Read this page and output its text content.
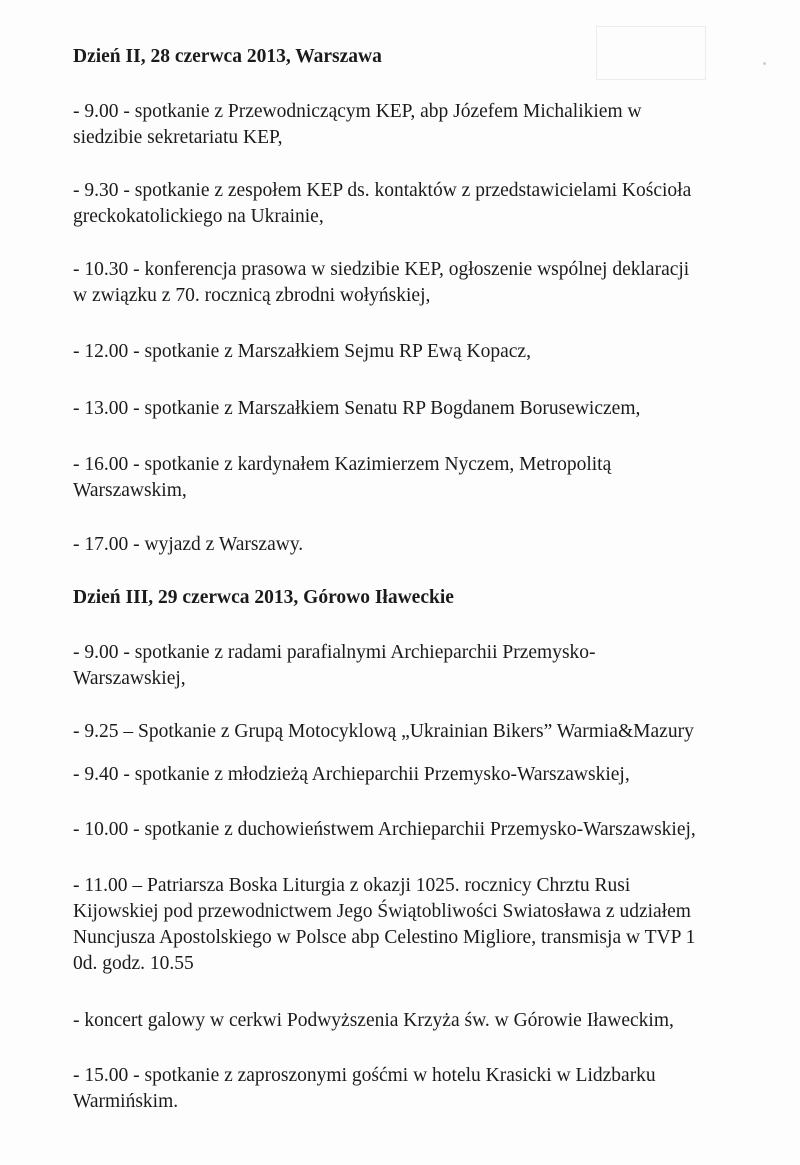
Dzień II, 28 czerwca 2013, Warszawa
- 9.00 - spotkanie z Przewodniczącym KEP, abp Józefem Michalikiem w
siedzibie sekretariatu KEP,
- 9.30 - spotkanie z zespołem KEP ds. kontaktów z przedstawicielami Kościoła
greckokatolickiego na Ukrainie,
- 10.30 - konferencja prasowa w siedzibie KEP, ogłoszenie wspólnej deklaracji
w związku z 70. rocznicą zbrodni wołyńskiej,
- 12.00 - spotkanie z Marszałkiem Sejmu RP Ewą Kopacz,
- 13.00 - spotkanie z Marszałkiem Senatu RP Bogdanem Borusewiczem,
- 16.00 - spotkanie z kardynałem Kazimierzem Nyczem, Metropolitą
Warszawskim,
- 17.00 - wyjazd z Warszawy.
Dzień III, 29 czerwca 2013, Górowo Iławeckie
- 9.00 - spotkanie z radami parafialnymi Archieparchii Przemysko-
Warszawskiej,
- 9.25 – Spotkanie z Grupą Motocyklową „Ukrainian Bikers” Warmia&Mazury
- 9.40 - spotkanie z młodzieżą Archieparchii Przemysko-Warszawskiej,
- 10.00 - spotkanie z duchowieństwem Archieparchii Przemysko-Warszawskiej,
- 11.00 – Patriarsza Boska Liturgia z okazji 1025. rocznicy Chrztu Rusi
Kijowskiej pod przewodnictwem Jego Świątobliwości Swiatosława z udziałem
Nuncjusza Apostolskiego w Polsce abp Celestino Migliore, transmisja w TVP 1
0d. godz. 10.55
- koncert galowy w cerkwi Podwyższenia Krzyża św. w Górowie Iławeckim,
- 15.00 - spotkanie z zaproszonymi gośćmi w hotelu Krasicki w Lidzbarku
Warmińskim.
